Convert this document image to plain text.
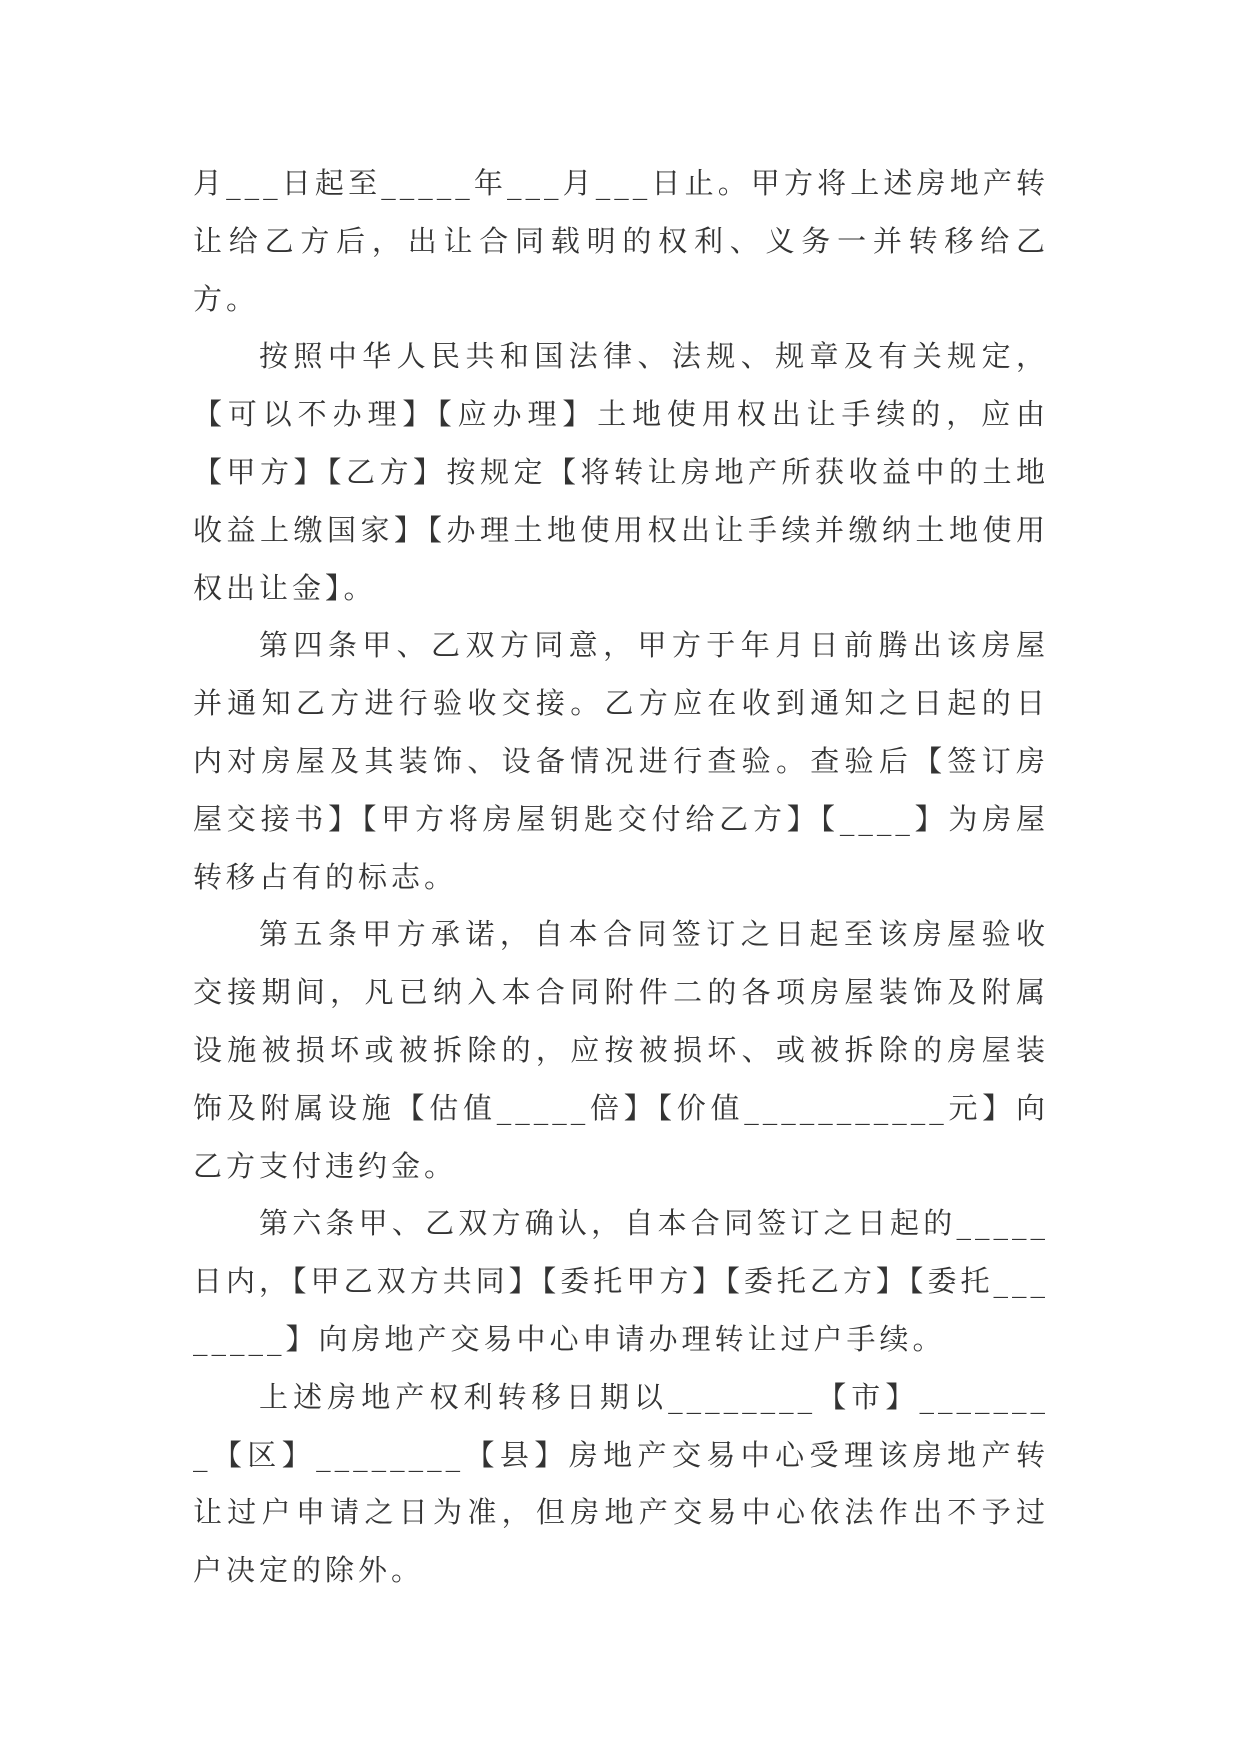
月___日起至_____年___月___日止。甲方将上述房地产转让给乙方后，出让合同载明的权利、义务一并转移给乙方。

按照中华人民共和国法律、法规、规章及有关规定，【可以不办理】【应办理】土地使用权出让手续的，应由【甲方】【乙方】按规定【将转让房地产所获收益中的土地收益上缴国家】【办理土地使用权出让手续并缴纳土地使用权出让金】。

第四条甲、乙双方同意，甲方于年月日前腾出该房屋并通知乙方进行验收交接。乙方应在收到通知之日起的日内对房屋及其装饰、设备情况进行查验。查验后【签订房屋交接书】【甲方将房屋钥匙交付给乙方】【____】为房屋转移占有的标志。

第五条甲方承诺，自本合同签订之日起至该房屋验收交接期间，凡已纳入本合同附件二的各项房屋装饰及附属设施被损坏或被拆除的，应按被损坏、或被拆除的房屋装饰及附属设施【估值_____倍】【价值___________元】向乙方支付违约金。

第六条甲、乙双方确认，自本合同签订之日起的_____日内，【甲乙双方共同】【委托甲方】【委托乙方】【委托________】向房地产交易中心申请办理转让过户手续。

上述房地产权利转移日期以________【市】________【区】________【县】房地产交易中心受理该房地产转让过户申请之日为准，但房地产交易中心依法作出不予过户决定的除外。
